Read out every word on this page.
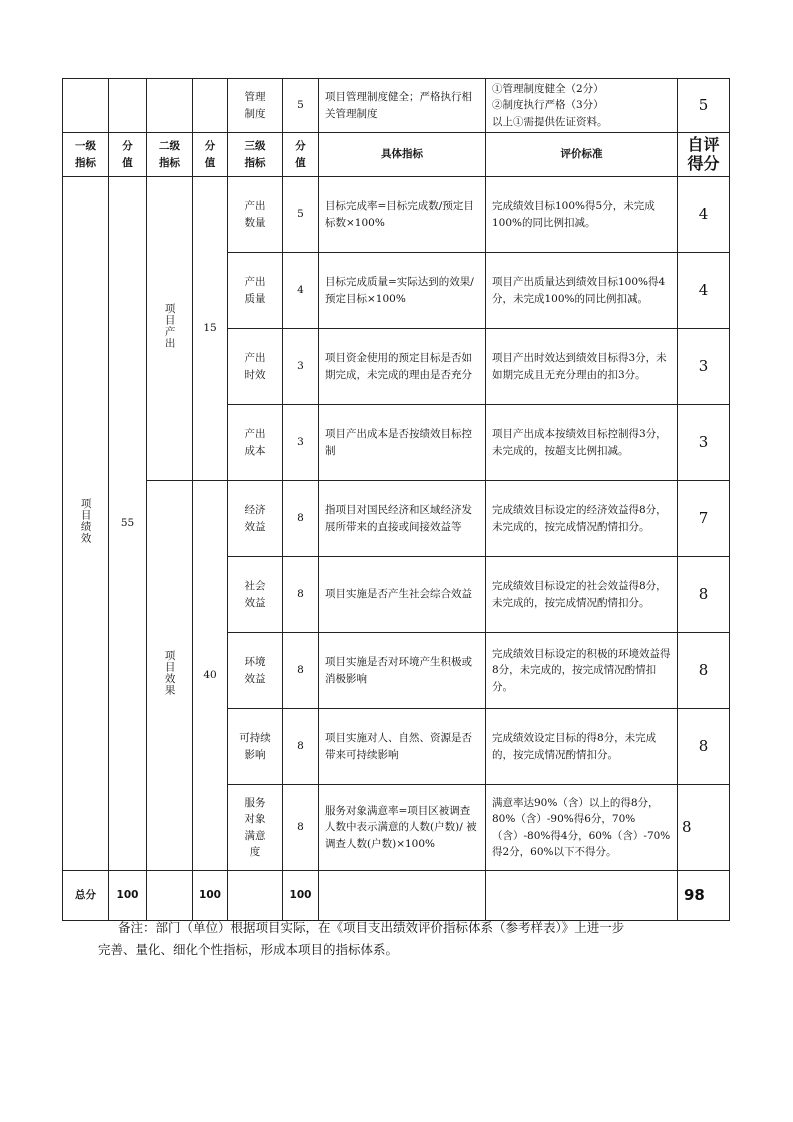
				管理制度	5	项目管理制度健全；严格执行相关管理制度	①管理制度健全（2分）
②制度执行严格（3分）
以上①需提供佐证资料。	5
一级指标	分值	二级指标	分值	三级指标	分值	具体指标	评价标准	自评得分
项目绩效	55	项目产出	15	产出数量	5	目标完成率=目标完成数/预定目标数×100%	完成绩效目标100%得5分，未完成100%的同比例扣减。	4
				产出质量	4	目标完成质量=实际达到的效果/预定目标×100%	项目产出质量达到绩效目标100%得4分，未完成100%的同比例扣减。	4
				产出时效	3	项目资金使用的预定目标是否如期完成，未完成的理由是否充分	项目产出时效达到绩效目标得3分，未如期完成且无充分理由的扣3分。	3
				产出成本	3	项目产出成本是否按绩效目标控制	项目产出成本按绩效目标控制得3分，未完成的，按超支比例扣减。	3
		项目效果	40	经济效益	8	指项目对国民经济和区域经济发展所带来的直接或间接效益等	完成绩效目标设定的经济效益得8分，未完成的，按完成情况酌情扣分。	7
				社会效益	8	项目实施是否产生社会综合效益	完成绩效目标设定的社会效益得8分，未完成的，按完成情况酌情扣分。	8
				环境效益	8	项目实施是否对环境产生积极或消极影响	完成绩效目标设定的积极的环境效益得8分，未完成的，按完成情况酌情扣分。	8
				可持续影响	8	项目实施对人、自然、资源是否带来可持续影响	完成绩效设定目标的得8分，未完成的，按完成情况酌情扣分。	8
				服务对象满意度	8	服务对象满意率=项目区被调查人数中表示满意的人数(户数)/ 被调查人数(户数)×100%	满意率达90%（含）以上的得8分，80%（含）-90%得6分，70%（含）-80%得4分，60%（含）-70%得2分，60%以下不得分。	8
总分	100		100		100			98
备注：部门（单位）根据项目实际，在《项目支出绩效评价指标体系（参考样表）》上进一步
完善、量化、细化个性指标，形成本项目的指标体系。
